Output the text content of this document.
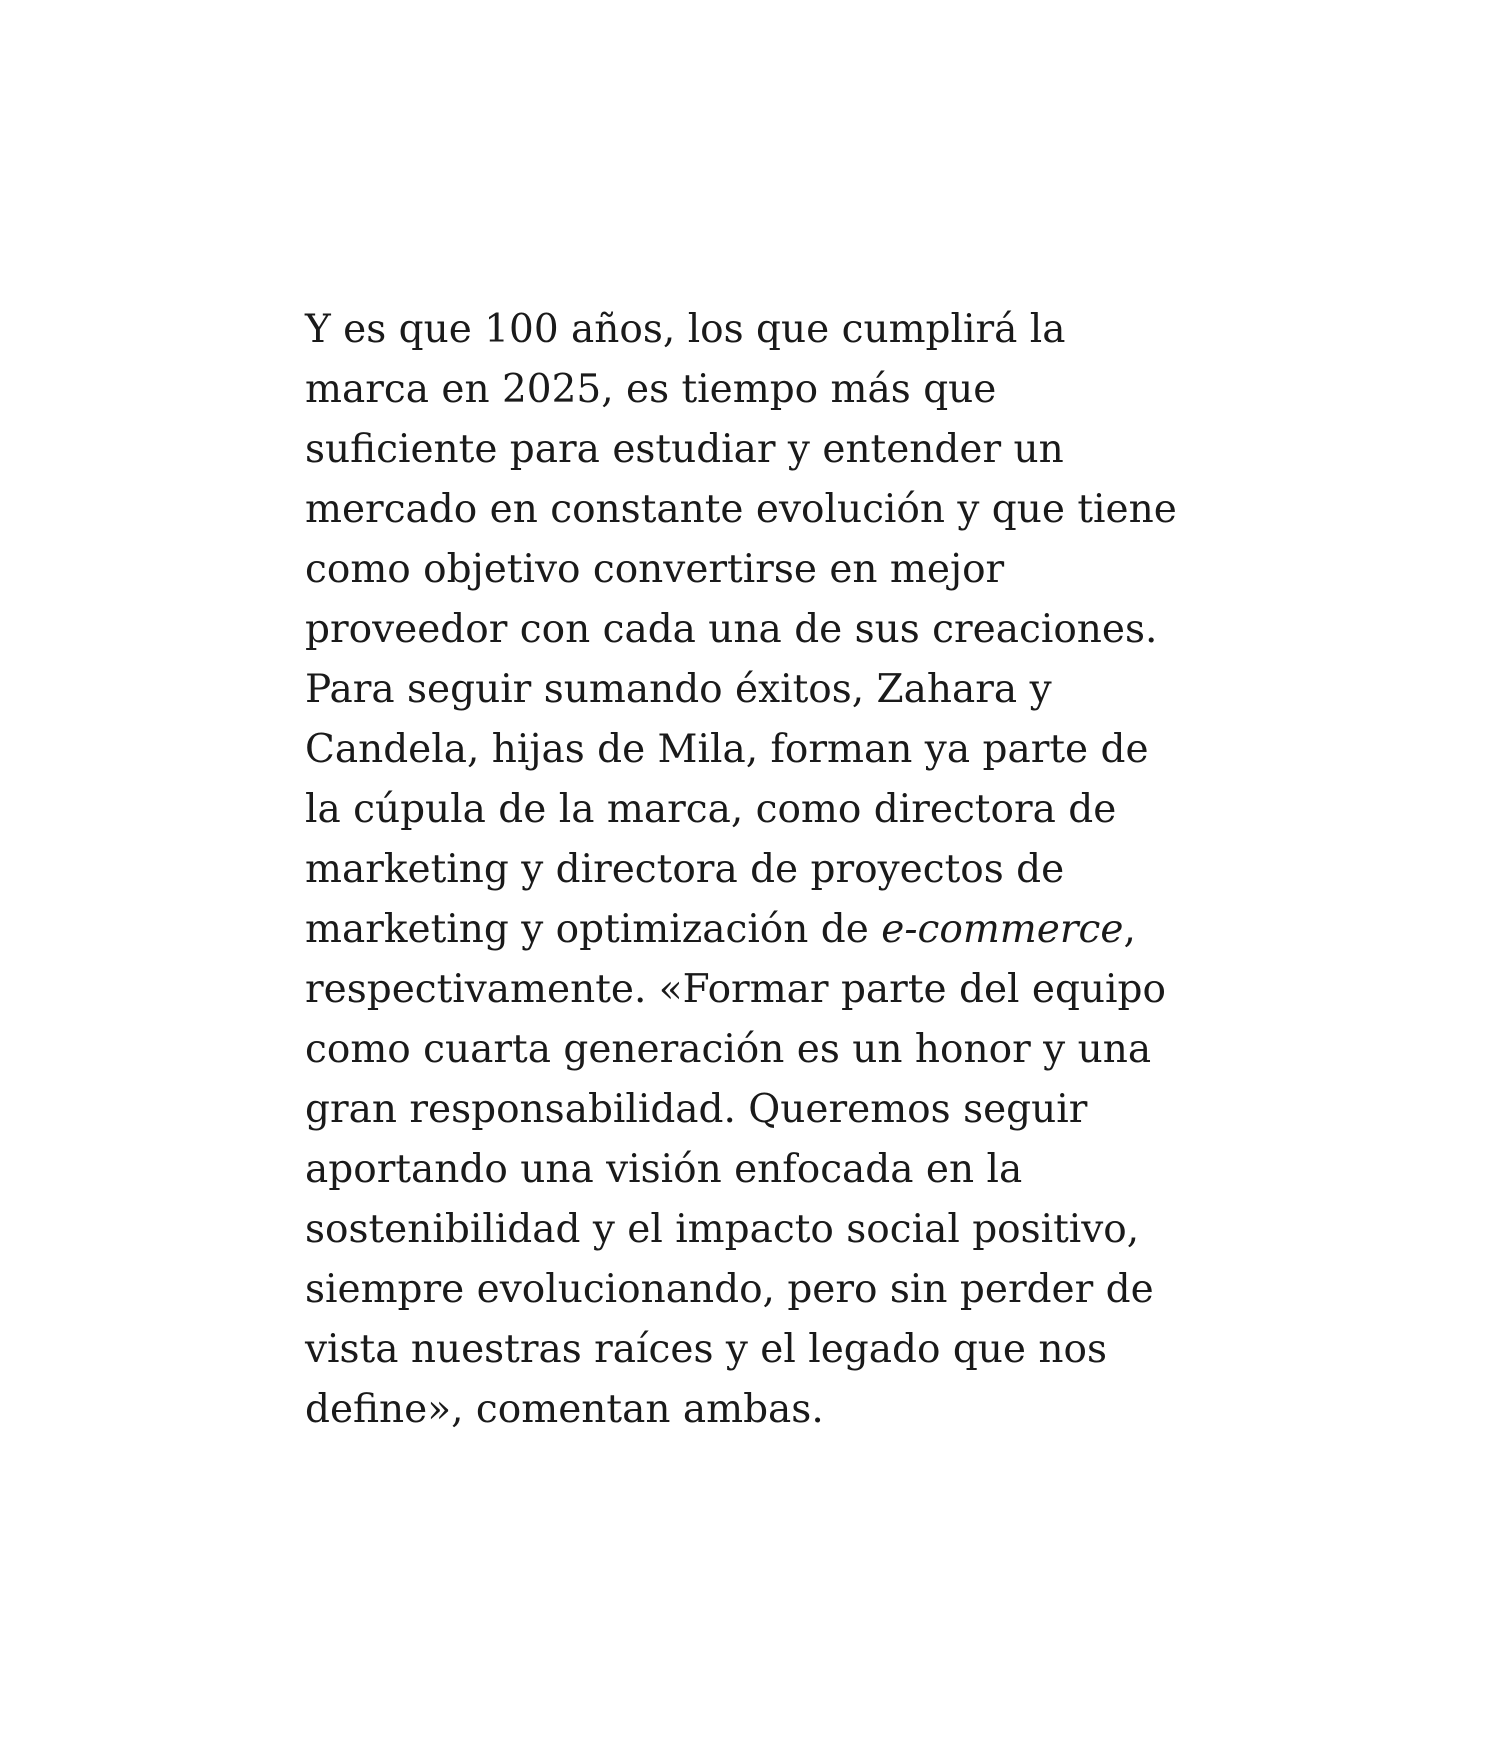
Y es que 100 años, los que cumplirá la
marca en 2025, es tiempo más que
suficiente para estudiar y entender un
mercado en constante evolución y que tiene
como objetivo convertirse en mejor
proveedor con cada una de sus creaciones.
Para seguir sumando éxitos, Zahara y
Candela, hijas de Mila, forman ya parte de
la cúpula de la marca, como directora de
marketing y directora de proyectos de
marketing y optimización de e-commerce,
respectivamente. «Formar parte del equipo
como cuarta generación es un honor y una
gran responsabilidad. Queremos seguir
aportando una visión enfocada en la
sostenibilidad y el impacto social positivo,
siempre evolucionando, pero sin perder de
vista nuestras raíces y el legado que nos
define», comentan ambas.
